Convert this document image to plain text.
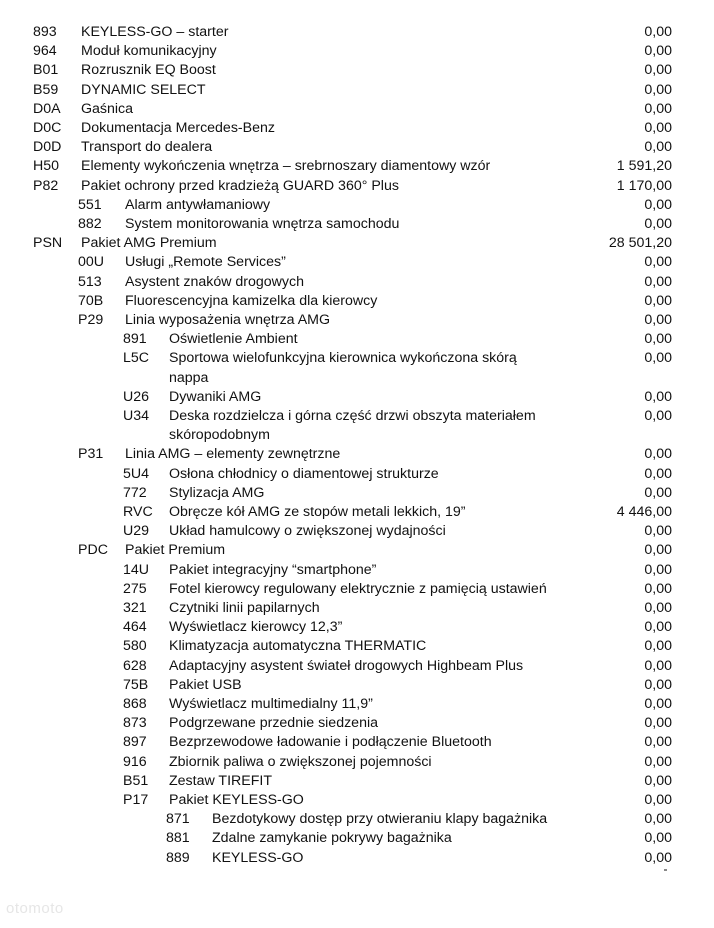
893 KEYLESS-GO – starter	0,00
964 Moduł komunikacyjny	0,00
B01 Rozrusznik EQ Boost	0,00
B59 DYNAMIC SELECT	0,00
D0A Gaśnica	0,00
D0C Dokumentacja Mercedes-Benz	0,00
D0D Transport do dealera	0,00
H50 Elementy wykończenia wnętrza – srebrnoszary diamentowy wzór	1 591,20
P82 Pakiet ochrony przed kradzieżą GUARD 360° Plus	1 170,00
551 Alarm antywłamaniowy	0,00
882 System monitorowania wnętrza samochodu	0,00
PSN Pakiet AMG Premium	28 501,20
00U Usługi „Remote Services”	0,00
513 Asystent znaków drogowych	0,00
70B Fluorescencyjna kamizelka dla kierowcy	0,00
P29 Linia wyposażenia wnętrza AMG	0,00
891 Oświetlenie Ambient	0,00
L5C Sportowa wielofunkcyjna kierownica wykończona skórą nappa
0,00
U26 Dywaniki AMG	0,00
U34 Deska rozdzielcza i górna część drzwi obszyta materiałem skóropodobnym
0,00
P31 Linia AMG – elementy zewnętrzne	0,00
5U4 Osłona chłodnicy o diamentowej strukturze	0,00
772 Stylizacja AMG	0,00
RVC Obręcze kół AMG ze stopów metali lekkich, 19”	4 446,00
U29 Układ hamulcowy o zwiększonej wydajności	0,00
PDC Pakiet Premium	0,00
14U Pakiet integracyjny “smartphone”	0,00
275 Fotel kierowcy regulowany elektrycznie z pamięcią ustawień	0,00
321 Czytniki linii papilarnych	0,00
464 Wyświetlacz kierowcy 12,3”	0,00
580 Klimatyzacja automatyczna THERMATIC	0,00
628 Adaptacyjny asystent świateł drogowych Highbeam Plus	0,00
75B Pakiet USB	0,00
868 Wyświetlacz multimedialny 11,9”	0,00
873 Podgrzewane przednie siedzenia	0,00
897 Bezprzewodowe ładowanie i podłączenie Bluetooth	0,00
916 Zbiornik paliwa o zwiększonej pojemności	0,00
B51 Zestaw TIREFIT	0,00
P17 Pakiet KEYLESS-GO	0,00
871 Bezdotykowy dostęp przy otwieraniu klapy bagażnika	0,00
881 Zdalne zamykanie pokrywy bagażnika	0,00
889 KEYLESS-GO	0,00
otomoto
